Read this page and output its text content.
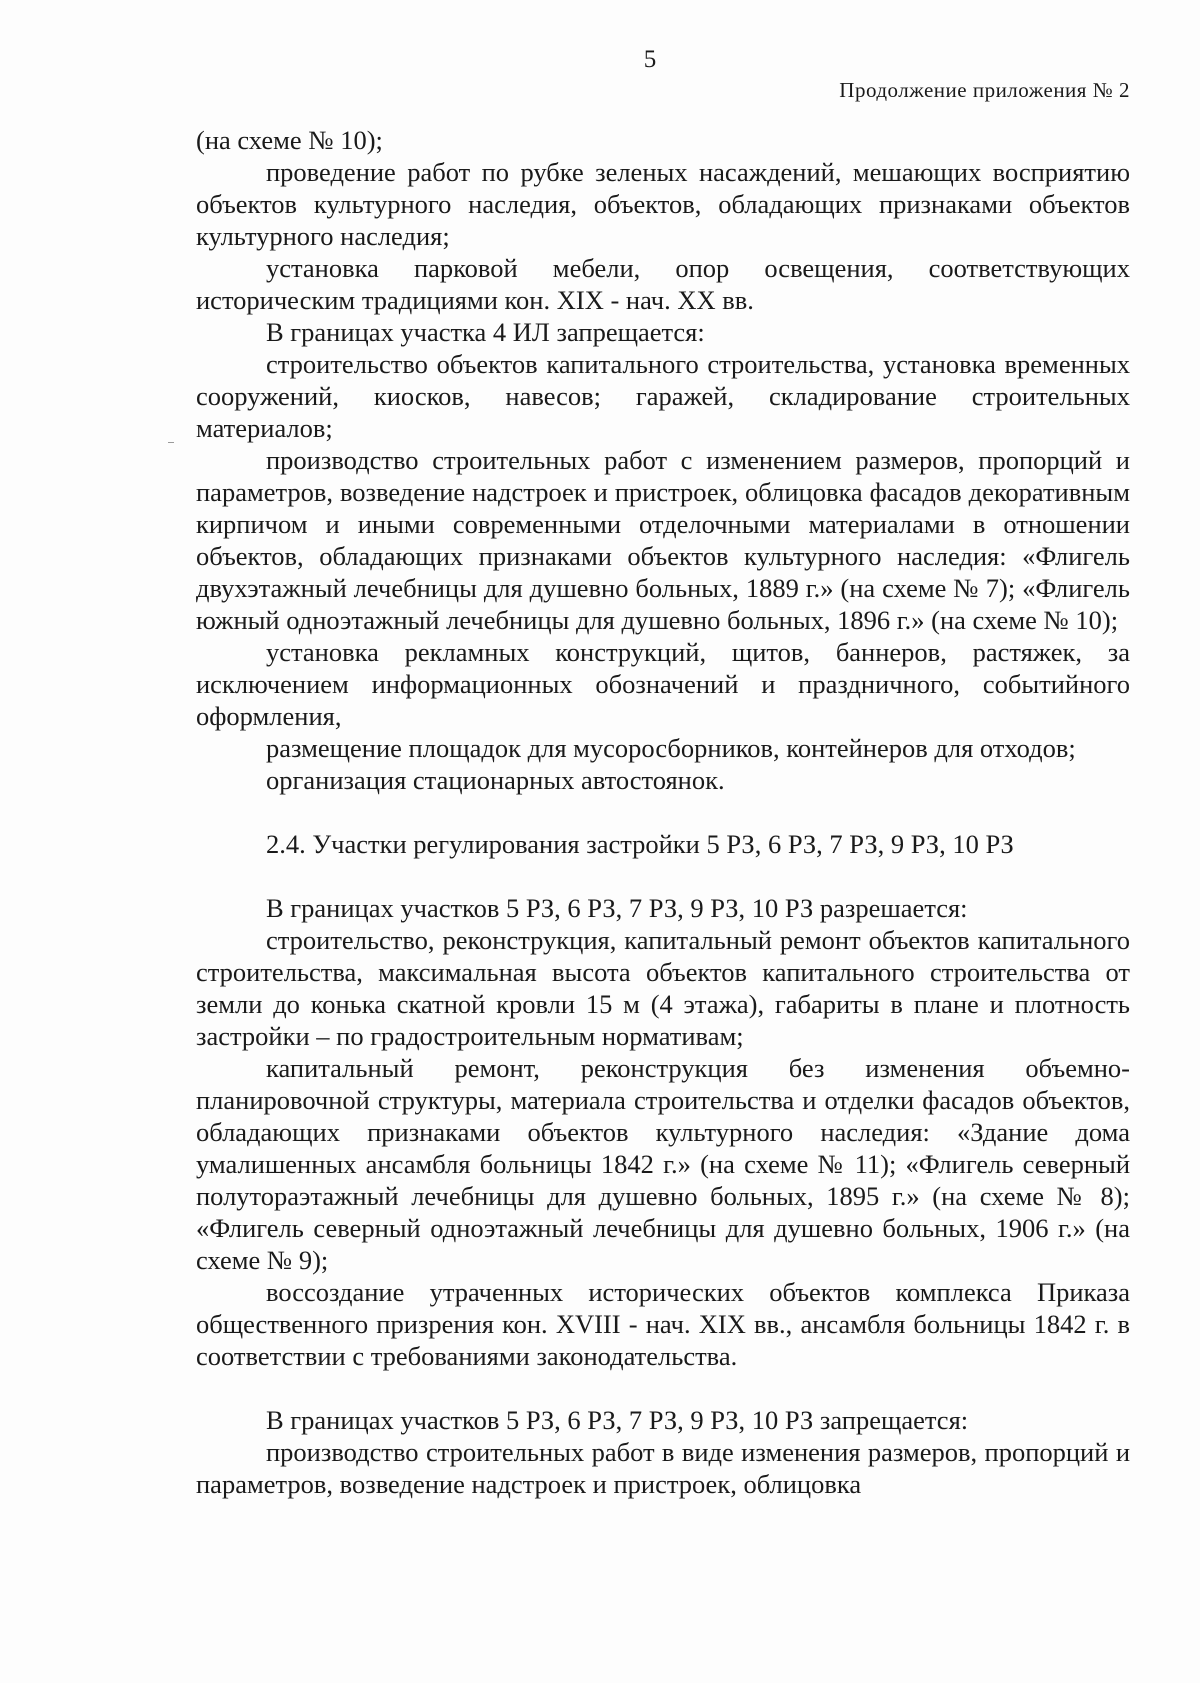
5
Продолжение приложения № 2

(на схеме № 10);

проведение работ по рубке зеленых насаждений, мешающих восприятию объектов культурного наследия, объектов, обладающих признаками объектов культурного наследия;

установка парковой мебели, опор освещения, соответствующих историческим традициями кон. XIX - нач. XX вв.

В границах участка 4 ИЛ запрещается:

строительство объектов капитального строительства, установка временных сооружений, киосков, навесов; гаражей, складирование строительных материалов;

производство строительных работ с изменением размеров, пропорций и параметров, возведение надстроек и пристроек, облицовка фасадов декоративным кирпичом и иными современными отделочными материалами в отношении объектов, обладающих признаками объектов культурного наследия: «Флигель двухэтажный лечебницы для душевно больных, 1889 г.» (на схеме № 7); «Флигель южный одноэтажный лечебницы для душевно больных, 1896 г.» (на схеме № 10);

установка рекламных конструкций, щитов, баннеров, растяжек, за исключением информационных обозначений и праздничного, событийного оформления,

размещение площадок для мусоросборников, контейнеров для отходов;

организация стационарных автостоянок.

2.4. Участки регулирования застройки 5 РЗ, 6 РЗ, 7 РЗ, 9 РЗ, 10 РЗ

В границах участков 5 РЗ, 6 РЗ, 7 РЗ, 9 РЗ, 10 РЗ разрешается:

строительство, реконструкция, капитальный ремонт объектов капитального строительства, максимальная высота объектов капитального строительства от земли до конька скатной кровли 15 м (4 этажа), габариты в плане и плотность застройки – по градостроительным нормативам;

капитальный ремонт, реконструкция без изменения объемно-планировочной структуры, материала строительства и отделки фасадов объектов, обладающих признаками объектов культурного наследия: «Здание дома умалишенных ансамбля больницы 1842 г.» (на схеме № 11); «Флигель северный полутораэтажный лечебницы для душевно больных, 1895 г.» (на схеме № 8); «Флигель северный одноэтажный лечебницы для душевно больных, 1906 г.» (на схеме № 9);

воссоздание утраченных исторических объектов комплекса Приказа общественного призрения кон. XVIII - нач. XIX вв., ансамбля больницы 1842 г. в соответствии с требованиями законодательства.

В границах участков 5 РЗ, 6 РЗ, 7 РЗ, 9 РЗ, 10 РЗ запрещается:

производство строительных работ в виде изменения размеров, пропорций и параметров, возведение надстроек и пристроек, облицовка
